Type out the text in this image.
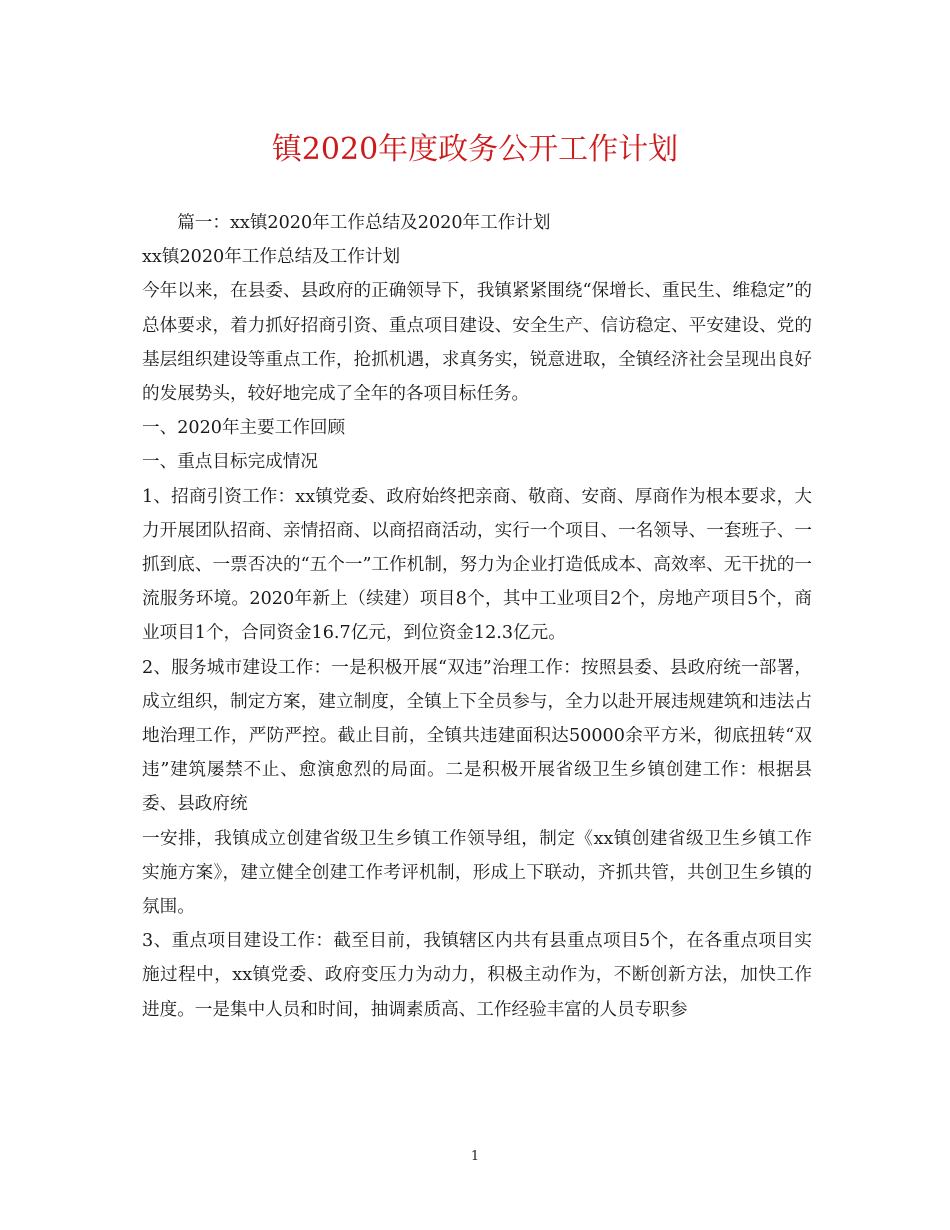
镇2020年度政务公开工作计划

篇一：xx镇2020年工作总结及2020年工作计划

xx镇2020年工作总结及工作计划

今年以来，在县委、县政府的正确领导下，我镇紧紧围绕“保增长、重民生、维稳定”的总体要求，着力抓好招商引资、重点项目建设、安全生产、信访稳定、平安建设、党的基层组织建设等重点工作，抢抓机遇，求真务实，锐意进取，全镇经济社会呈现出良好的发展势头，较好地完成了全年的各项目标任务。

一、2020年主要工作回顾

一、重点目标完成情况

1、招商引资工作：xx镇党委、政府始终把亲商、敬商、安商、厚商作为根本要求，大力开展团队招商、亲情招商、以商招商活动，实行一个项目、一名领导、一套班子、一抓到底、一票否决的“五个一”工作机制，努力为企业打造低成本、高效率、无干扰的一流服务环境。2020年新上（续建）项目8个，其中工业项目2个，房地产项目5个，商业项目1个，合同资金16.7亿元，到位资金12.3亿元。

2、服务城市建设工作：一是积极开展“双违”治理工作：按照县委、县政府统一部署，成立组织，制定方案，建立制度，全镇上下全员参与，全力以赴开展违规建筑和违法占地治理工作，严防严控。截止目前，全镇共违建面积达50000余平方米，彻底扭转“双违”建筑屡禁不止、愈演愈烈的局面。二是积极开展省级卫生乡镇创建工作：根据县委、县政府统

一安排，我镇成立创建省级卫生乡镇工作领导组，制定《xx镇创建省级卫生乡镇工作实施方案》，建立健全创建工作考评机制，形成上下联动，齐抓共管，共创卫生乡镇的氛围。

3、重点项目建设工作：截至目前，我镇辖区内共有县重点项目5个，在各重点项目实施过程中，xx镇党委、政府变压力为动力，积极主动作为，不断创新方法，加快工作进度。一是集中人员和时间，抽调素质高、工作经验丰富的人员专职参

1
